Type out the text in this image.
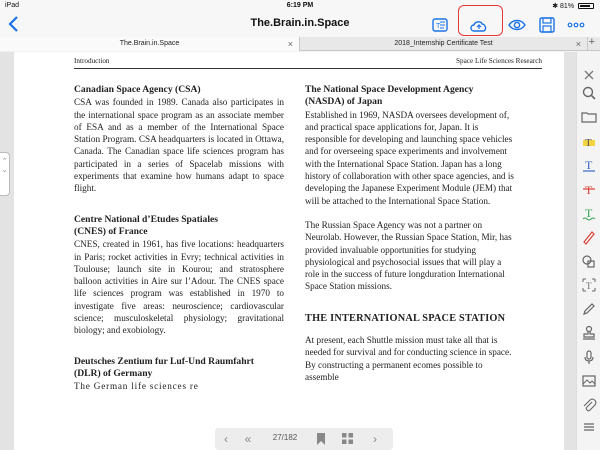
iPad	6:19 PM	✱ 81%
The.Brain.in.Space	T
The.Brain.in.Space	×	2018_Internship Certificate Test	× +
Introduction	Space Life Sciences Research
Canadian Space Agency (CSA)

CSA was founded in 1989. Canada also participates in the international space program as an associate member of ESA and as a member of the International Space Station Program. CSA headquarters is located in Ottawa, Canada. The Canadian space life sciences program has participated in a series of Spacelab missions with experiments that examine how humans adapt to space flight.

Centre National d’Etudes Spatiales (CNES) of France

CNES, created in 1961, has five locations: headquarters in Paris; rocket activities in Evry; technical activities in Toulouse; launch site in Kourou; and stratosphere balloon activities in Aire sur l’Adour. The CNES space life sciences program was established in 1970 to investigate five areas: neuroscience; cardiovascular science; musculoskeletal physiology; gravitational biology; and exobiology.

Deutsches Zentium fur Luf-Und Raumfahrt (DLR) of Germany

The German life sciences re

The National Space Development Agency (NASDA) of Japan

Established in 1969, NASDA oversees development of, and practical space applications for, Japan. It is responsible for developing and launching space vehicles and for overseeing space experiments and involvement with the International Space Station. Japan has a long history of collaboration with other space agencies, and is developing the Japanese Experiment Module (JEM) that will be attached to the International Space Station.

The Russian Space Agency was not a partner on Neurolab. However, the Russian Space Station, Mir, has provided invaluable opportunities for studying physiological and psychosocial issues that will play a role in the success of future longduration International Space Station missions.

THE INTERNATIONAL SPACE STATION

At present, each Shuttle mission must take all that is needed for survival and for conducting science in space. By constructing a permanent ecomes possible to assemble

⌃
⌄
T
T
T
T
T
‹	«	27/182	›
